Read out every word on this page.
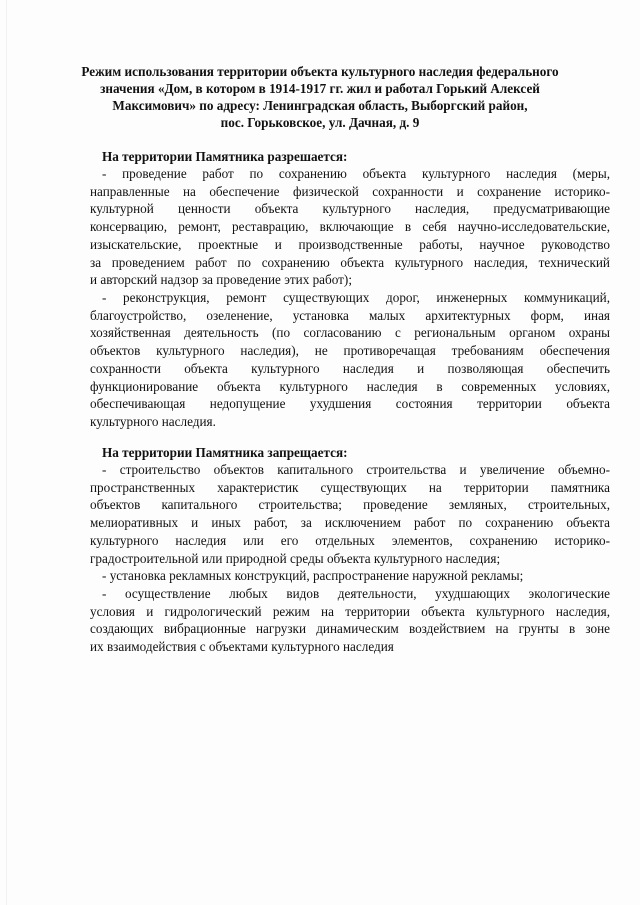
Режим использования территории объекта культурного наследия федерального
значения «Дом, в котором в 1914-1917 гг. жил и работал Горький Алексей
Максимович» по адресу: Ленинградская область, Выборгский район,
пос. Горьковское, ул. Дачная, д. 9
На территории Памятника разрешается:

- проведение работ по сохранению объекта культурного наследия (меры,
направленные на обеспечение физической сохранности и сохранение историко-
культурной ценности объекта культурного наследия, предусматривающие
консервацию, ремонт, реставрацию, включающие в себя научно-исследовательские,
изыскательские, проектные и производственные работы, научное руководство
за проведением работ по сохранению объекта культурного наследия, технический
и авторский надзор за проведение этих работ);

- реконструкция, ремонт существующих дорог, инженерных коммуникаций,
благоустройство, озеленение, установка малых архитектурных форм, иная
хозяйственная деятельность (по согласованию с региональным органом охраны
объектов культурного наследия), не противоречащая требованиям обеспечения
сохранности объекта культурного наследия и позволяющая обеспечить
функционирование объекта культурного наследия в современных условиях,
обеспечивающая недопущение ухудшения состояния территории объекта
культурного наследия.

На территории Памятника запрещается:

- строительство объектов капитального строительства и увеличение объемно-
пространственных характеристик существующих на территории памятника
объектов капитального строительства; проведение земляных, строительных,
мелиоративных и иных работ, за исключением работ по сохранению объекта
культурного наследия или его отдельных элементов, сохранению историко-
градостроительной или природной среды объекта культурного наследия;

- установка рекламных конструкций, распространение наружной рекламы;

- осуществление любых видов деятельности, ухудшающих экологические
условия и гидрологический режим на территории объекта культурного наследия,
создающих вибрационные нагрузки динамическим воздействием на грунты в зоне
их взаимодействия с объектами культурного наследия
